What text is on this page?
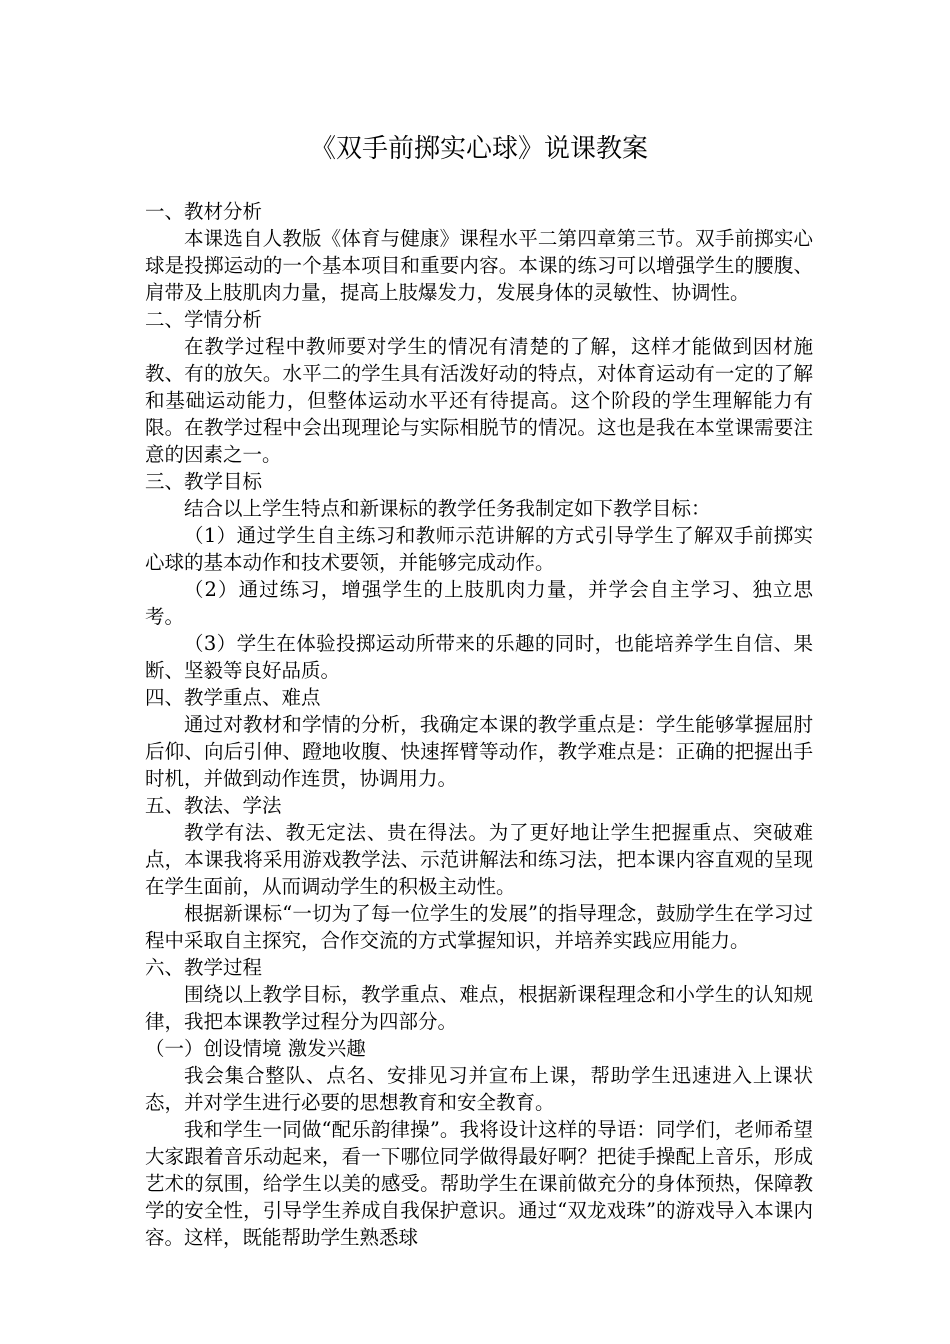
《双手前掷实心球》说课教案

一、教材分析

本课选自人教版《体育与健康》课程水平二第四章第三节。双手前掷实心球是投掷运动的一个基本项目和重要内容。本课的练习可以增强学生的腰腹、肩带及上肢肌肉力量，提高上肢爆发力，发展身体的灵敏性、协调性。

二、学情分析

在教学过程中教师要对学生的情况有清楚的了解，这样才能做到因材施教、有的放矢。水平二的学生具有活泼好动的特点，对体育运动有一定的了解和基础运动能力，但整体运动水平还有待提高。这个阶段的学生理解能力有限。在教学过程中会出现理论与实际相脱节的情况。这也是我在本堂课需要注意的因素之一。

三、教学目标

结合以上学生特点和新课标的教学任务我制定如下教学目标：

（1）通过学生自主练习和教师示范讲解的方式引导学生了解双手前掷实心球的基本动作和技术要领，并能够完成动作。

（2）通过练习，增强学生的上肢肌肉力量，并学会自主学习、独立思考。

（3）学生在体验投掷运动所带来的乐趣的同时，也能培养学生自信、果断、坚毅等良好品质。

四、教学重点、难点

通过对教材和学情的分析，我确定本课的教学重点是：学生能够掌握屈肘后仰、向后引伸、蹬地收腹、快速挥臂等动作，教学难点是：正确的把握出手时机，并做到动作连贯，协调用力。

五、教法、学法

教学有法、教无定法、贵在得法。为了更好地让学生把握重点、突破难点，本课我将采用游戏教学法、示范讲解法和练习法，把本课内容直观的呈现在学生面前，从而调动学生的积极主动性。

根据新课标“一切为了每一位学生的发展”的指导理念，鼓励学生在学习过程中采取自主探究，合作交流的方式掌握知识，并培养实践应用能力。

六、教学过程

围绕以上教学目标，教学重点、难点，根据新课程理念和小学生的认知规律，我把本课教学过程分为四部分。

（一）创设情境 激发兴趣

我会集合整队、点名、安排见习并宣布上课，帮助学生迅速进入上课状态，并对学生进行必要的思想教育和安全教育。

我和学生一同做“配乐韵律操”。我将设计这样的导语：同学们，老师希望大家跟着音乐动起来，看一下哪位同学做得最好啊？把徒手操配上音乐，形成艺术的氛围，给学生以美的感受。帮助学生在课前做充分的身体预热，保障教学的安全性，引导学生养成自我保护意识。通过“双龙戏珠”的游戏导入本课内容。这样，既能帮助学生熟悉球
